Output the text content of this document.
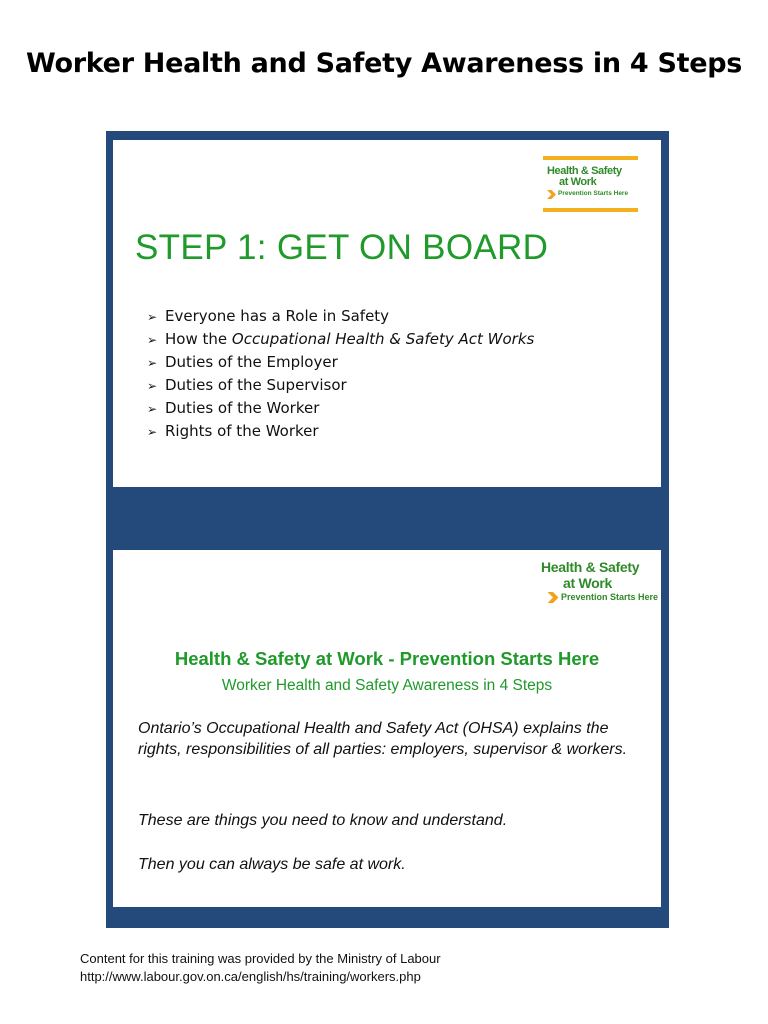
Worker Health and Safety Awareness in 4 Steps
Health & Safety
at Work
Prevention Starts Here
STEP 1: GET ON BOARD
➢ Everyone has a Role in Safety
➢ How the Occupational Health & Safety Act Works
➢ Duties of the Employer
➢ Duties of the Supervisor
➢ Duties of the Worker
➢ Rights of the Worker
Health & Safety
at Work
Prevention Starts Here
Health & Safety at Work - Prevention Starts Here
Worker Health and Safety Awareness in 4 Steps
Ontario’s Occupational Health and Safety Act (OHSA) explains the rights, responsibilities of all parties: employers, supervisor & workers.
These are things you need to know and understand.
Then you can always be safe at work.
Content for this training was provided by the Ministry of Labour
http://www.labour.gov.on.ca/english/hs/training/workers.php
